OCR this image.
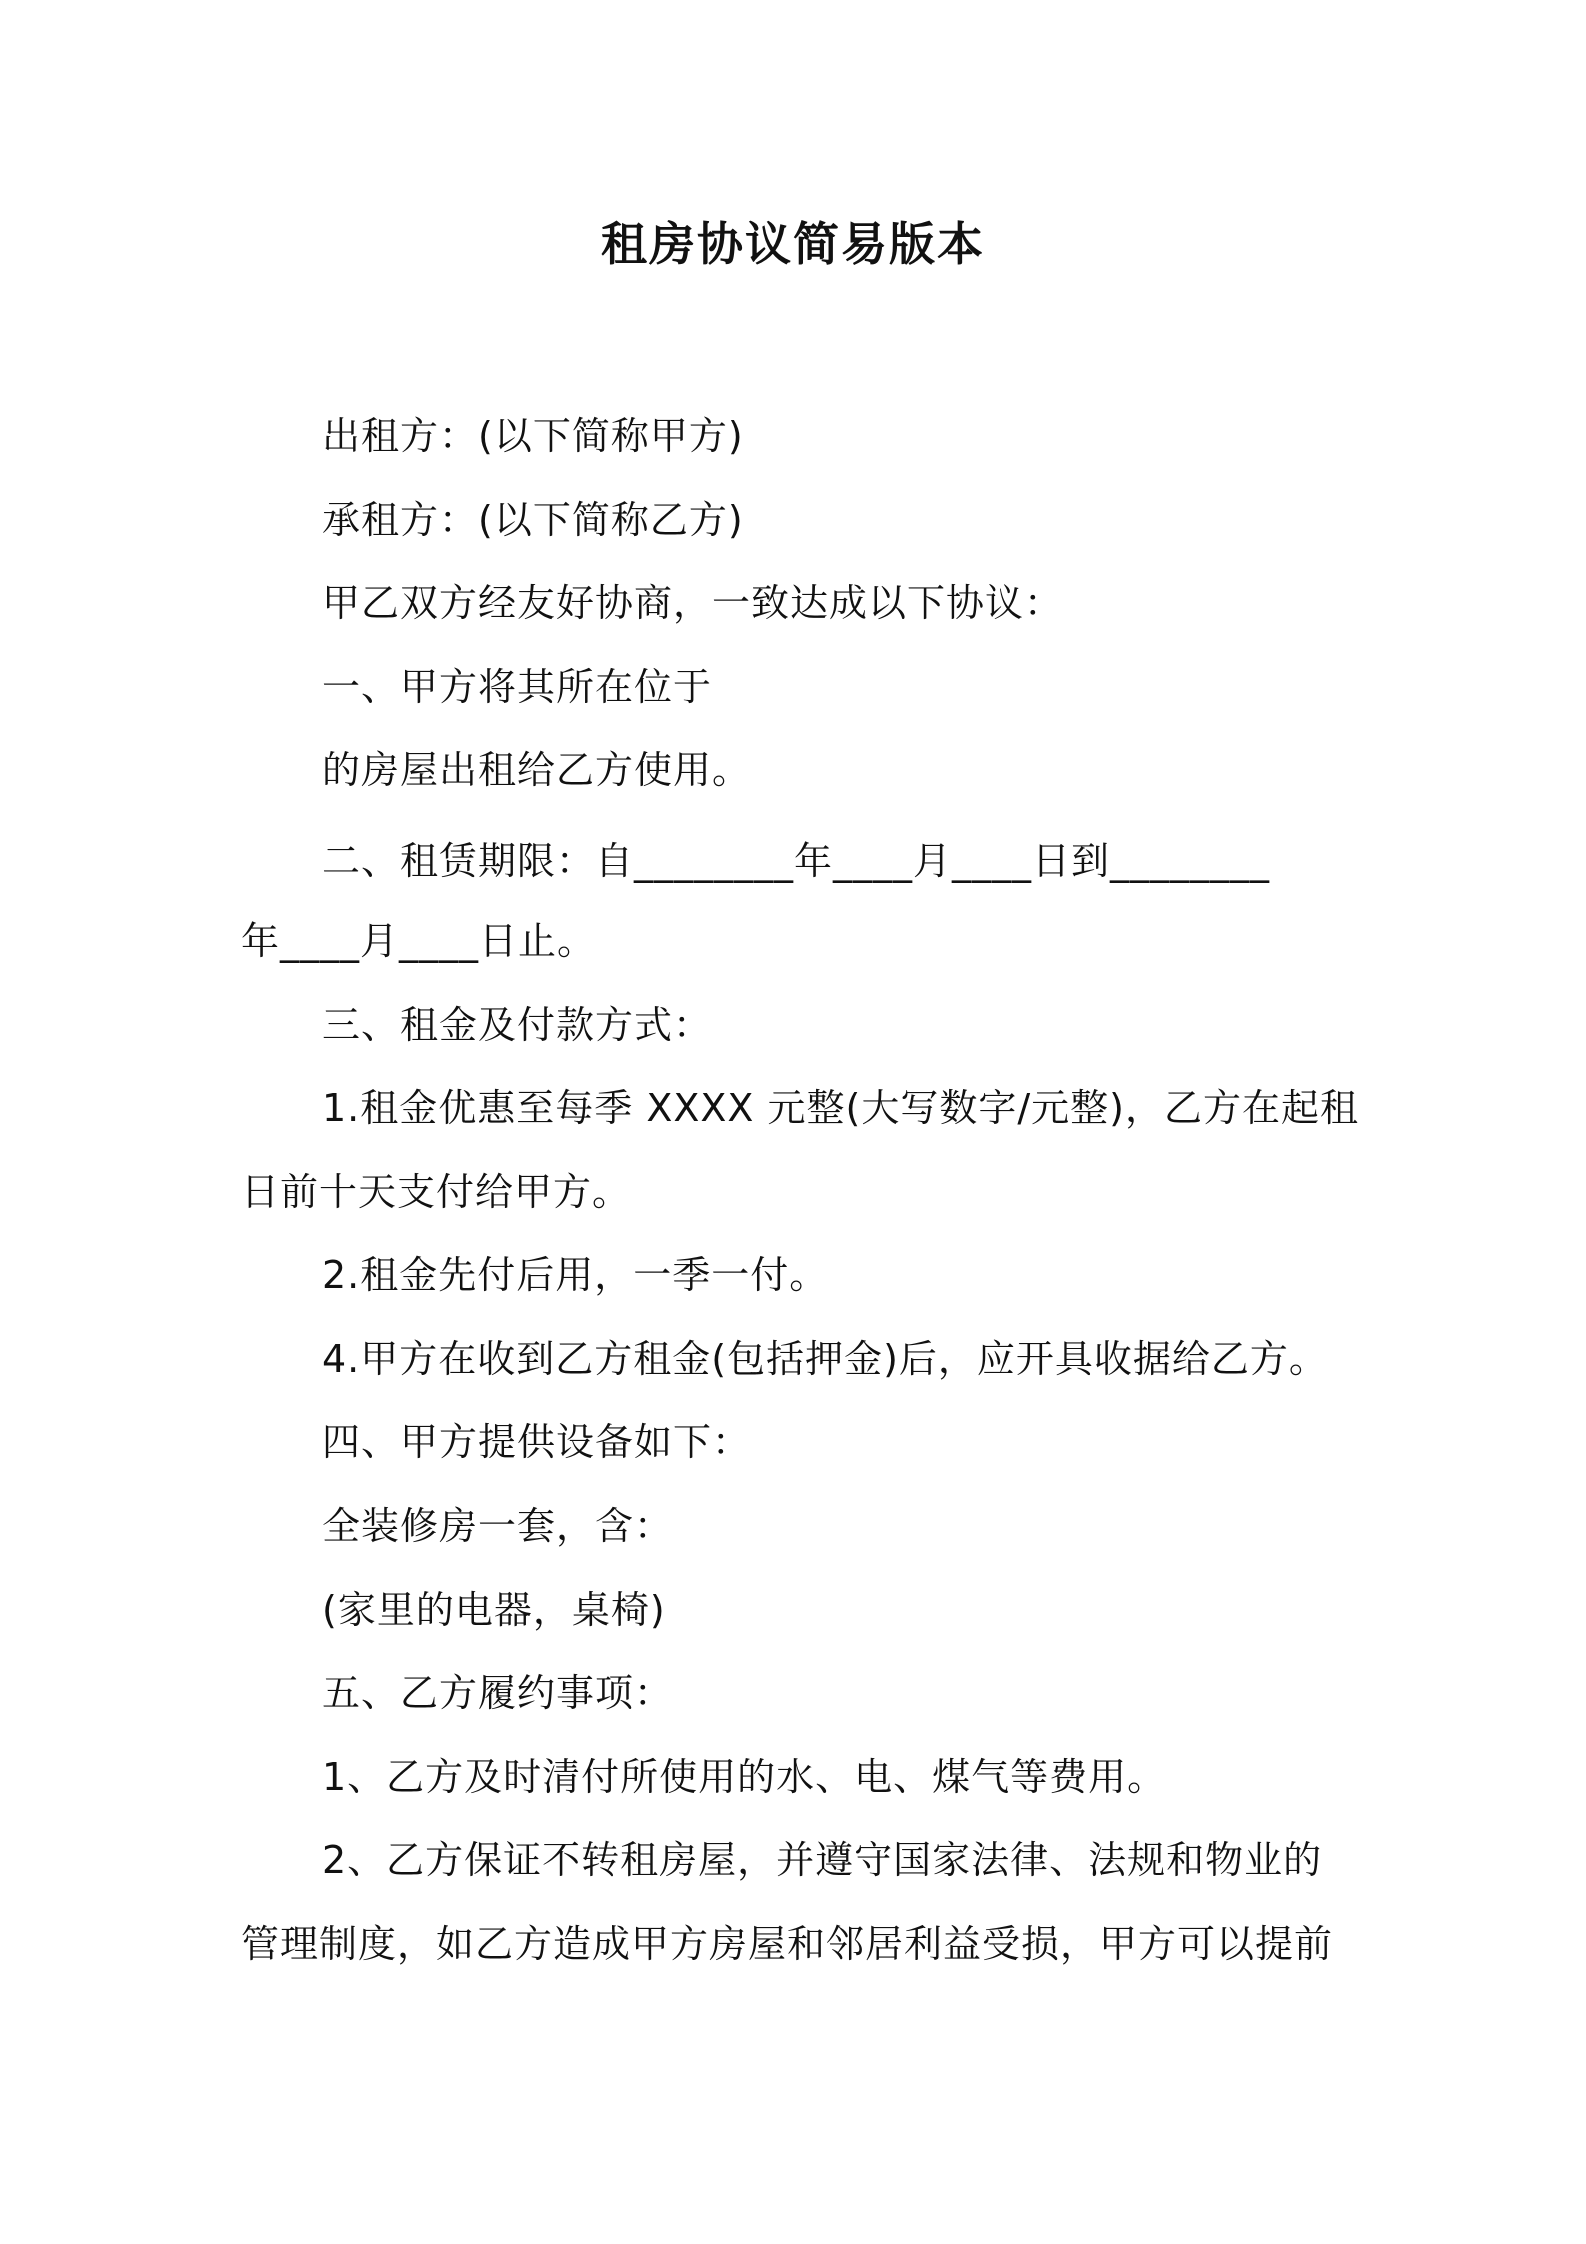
租房协议简易版本
出租方：(以下简称甲方)
承租方：(以下简称乙方)
甲乙双方经友好协商，一致达成以下协议：
一、甲方将其所在位于
的房屋出租给乙方使用。
二、租赁期限：自________年____月____日到________
年____月____日止。
三、租金及付款方式：
1.租金优惠至每季 XXXX 元整(大写数字/元整)，乙方在起租
日前十天支付给甲方。
2.租金先付后用，一季一付。
4.甲方在收到乙方租金(包括押金)后，应开具收据给乙方。
四、甲方提供设备如下：
全装修房一套，含：
(家里的电器，桌椅)
五、乙方履约事项：
1、乙方及时清付所使用的水、电、煤气等费用。
2、乙方保证不转租房屋，并遵守国家法律、法规和物业的
管理制度，如乙方造成甲方房屋和邻居利益受损，甲方可以提前
